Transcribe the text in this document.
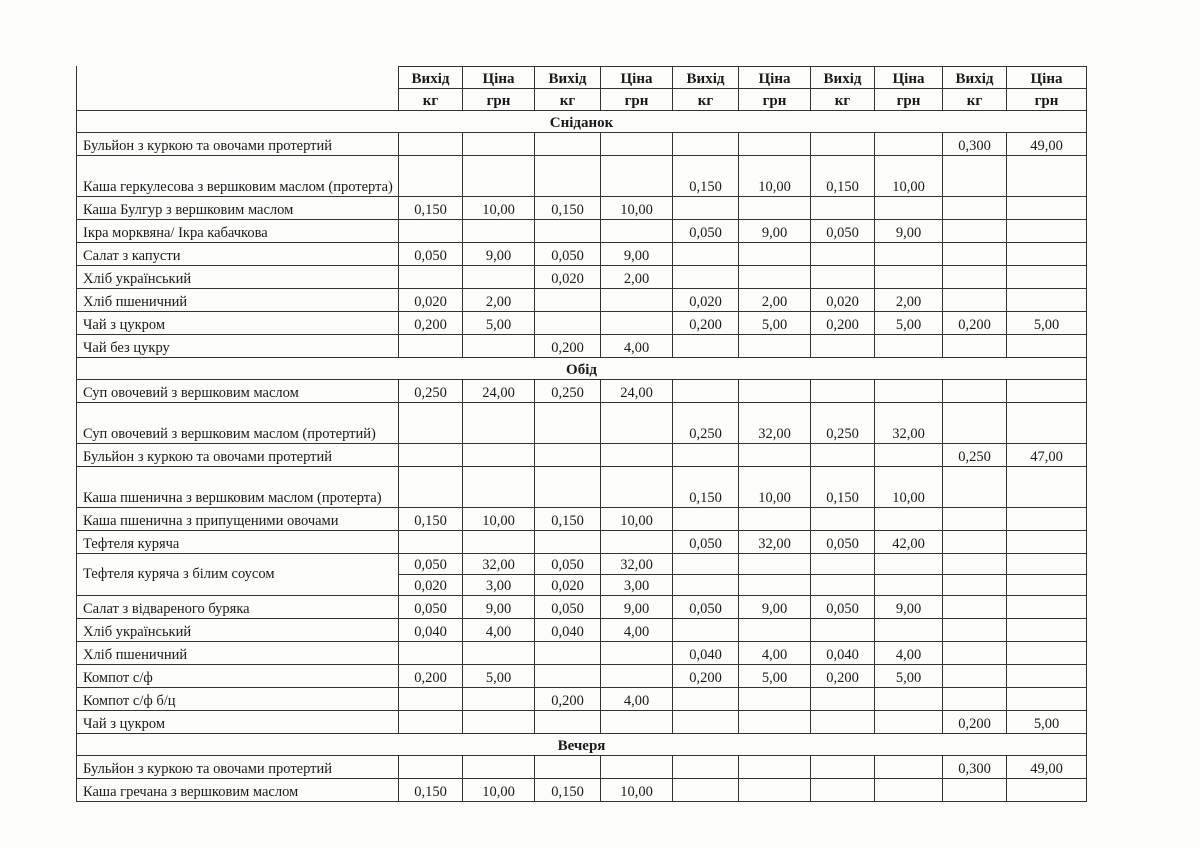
	Вихід	Ціна	Вихід	Ціна	Вихід	Ціна	Вихід	Ціна	Вихід	Ціна
	кг	грн	кг	грн	кг	грн	кг	грн	кг	грн
Сніданок										
Бульйон з куркою та овочами протертий									0,300	49,00
Каша геркулесова з вершковим маслом (протерта)					0,150	10,00	0,150	10,00		
Каша Булгур з вершковим маслом	0,150	10,00	0,150	10,00						
Ікра морквяна/ Ікра кабачкова					0,050	9,00	0,050	9,00		
Салат з капусти	0,050	9,00	0,050	9,00						
Хліб український			0,020	2,00						
Хліб пшеничний	0,020	2,00			0,020	2,00	0,020	2,00		
Чай з цукром	0,200	5,00			0,200	5,00	0,200	5,00	0,200	5,00
Чай без цукру			0,200	4,00						
Обід										
Суп овочевий з вершковим маслом	0,250	24,00	0,250	24,00						
Суп овочевий з вершковим маслом (протертий)					0,250	32,00	0,250	32,00		
Бульйон з куркою та овочами протертий									0,250	47,00
Каша пшенична з вершковим маслом (протерта)					0,150	10,00	0,150	10,00		
Каша пшенична з припущеними овочами	0,150	10,00	0,150	10,00						
Тефтеля куряча					0,050	32,00	0,050	42,00		
Тефтеля куряча з білим соусом	0,050	32,00	0,050	32,00						
	0,020	3,00	0,020	3,00						
Салат з відвареного буряка	0,050	9,00	0,050	9,00	0,050	9,00	0,050	9,00		
Хліб український	0,040	4,00	0,040	4,00						
Хліб пшеничний					0,040	4,00	0,040	4,00		
Компот с/ф	0,200	5,00			0,200	5,00	0,200	5,00		
Компот с/ф б/ц			0,200	4,00						
Чай з цукром									0,200	5,00
Вечеря										
Бульйон з куркою та овочами протертий									0,300	49,00
Каша гречана з вершковим маслом	0,150	10,00	0,150	10,00						
